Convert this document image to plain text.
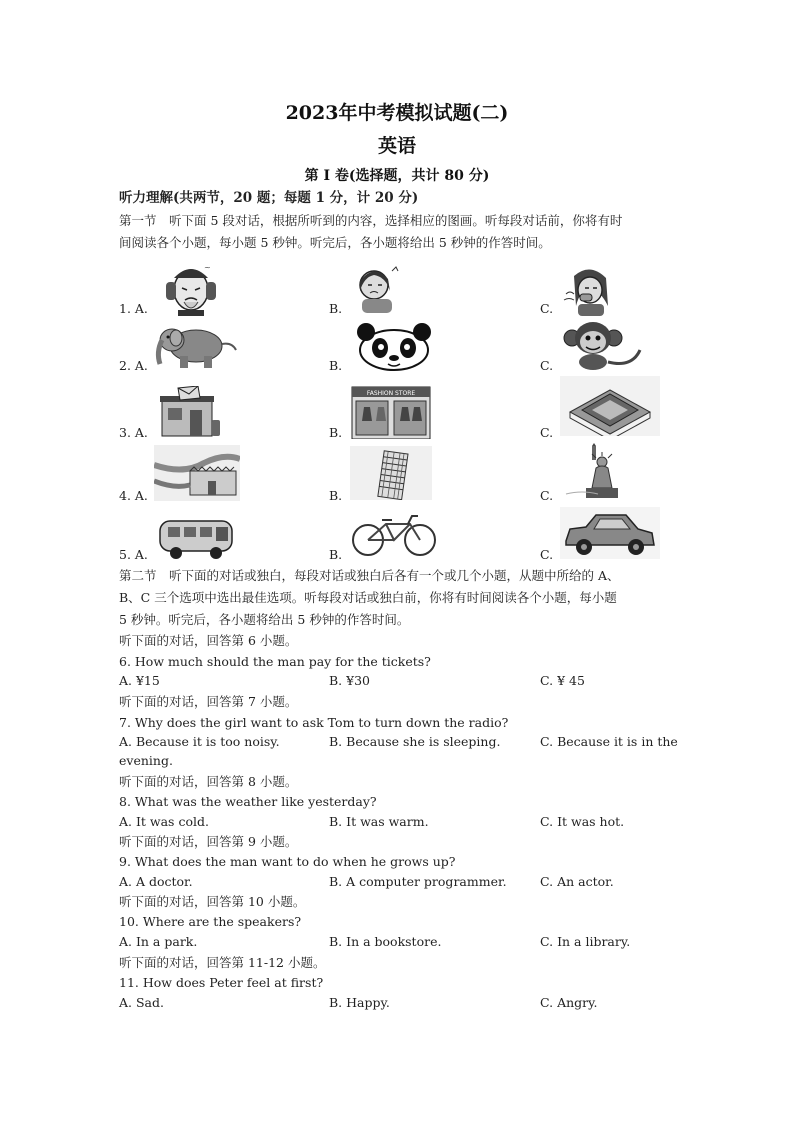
2023年中考模拟试题(二)
英语
第 I 卷(选择题，共计 80 分)
听力理解(共两节，20 题；每题 1 分，计 20 分)
第一节　听下面 5 段对话，根据所听到的内容，选择相应的图画。听每段对话前，你将有时
间阅读各个小题，每小题 5 秒钟。听完后，各小题将给出 5 秒钟的作答时间。
1. A.	B.	C.
~
2. A.	B.	C.
3. A.	B.	C.
FASHION STORE
4. A.	B.	C.
5. A.	B.	C.
第二节　听下面的对话或独白，每段对话或独白后各有一个或几个小题，从题中所给的 A、
B、C 三个选项中选出最佳选项。听每段对话或独白前，你将有时间阅读各个小题，每小题
5 秒钟。听完后，各小题将给出 5 秒钟的作答时间。
听下面的对话，回答第 6 小题。
6. How much should the man pay for the tickets?
A. ¥15	B. ¥30	C. ¥ 45
听下面的对话，回答第 7 小题。
7. Why does the girl want to ask Tom to turn down the radio?
A. Because it is too noisy.	B. Because she is sleeping.	C. Because it is in the
evening.
听下面的对话，回答第 8 小题。
8. What was the weather like yesterday?
A. It was cold.	B. It was warm.	C. It was hot.
听下面的对话，回答第 9 小题。
9. What does the man want to do when he grows up?
A. A doctor.	B. A computer programmer.	C. An actor.
听下面的对话，回答第 10 小题。
10. Where are the speakers?
A. In a park.	B. In a bookstore.	C. In a library.
听下面的对话，回答第 11-12 小题。
11. How does Peter feel at first?
A. Sad.	B. Happy.	C. Angry.
